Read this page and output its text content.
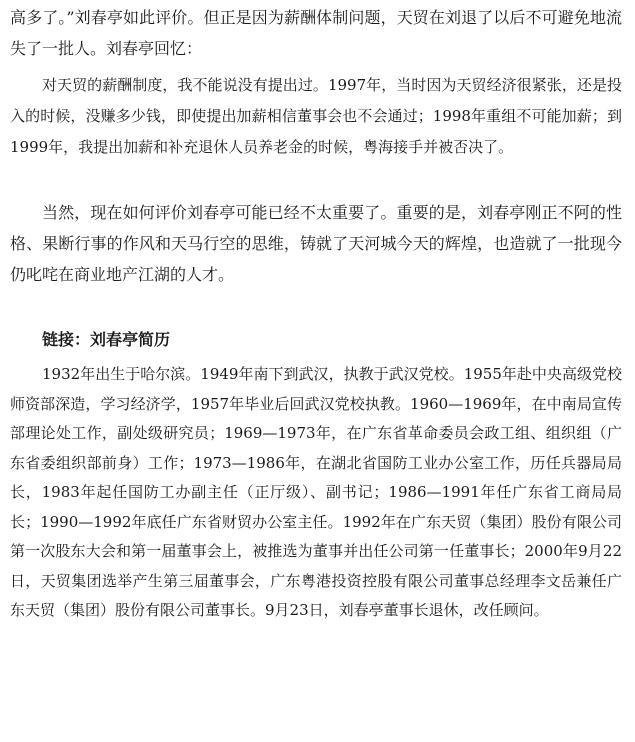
高多了。”刘春亭如此评价。但正是因为薪酬体制问题，天贸在刘退了以后不可避免地流失了一批人。刘春亭回忆：

对天贸的薪酬制度，我不能说没有提出过。1997年，当时因为天贸经济很紧张，还是投入的时候，没赚多少钱，即使提出加薪相信董事会也不会通过；1998年重组不可能加薪；到1999年，我提出加薪和补充退休人员养老金的时候，粤海接手并被否决了。

当然，现在如何评价刘春亭可能已经不太重要了。重要的是，刘春亭刚正不阿的性格、果断行事的作风和天马行空的思维，铸就了天河城今天的辉煌，也造就了一批现今仍叱咤在商业地产江湖的人才。

链接：刘春亭简历

1932年出生于哈尔滨。1949年南下到武汉，执教于武汉党校。1955年赴中央高级党校师资部深造，学习经济学，1957年毕业后回武汉党校执教。1960—1969年，在中南局宣传部理论处工作，副处级研究员；1969—1973年，在广东省革命委员会政工组、组织组（广东省委组织部前身）工作；1973—1986年，在湖北省国防工业办公室工作，历任兵器局局长，1983年起任国防工办副主任（正厅级）、副书记；1986—1991年任广东省工商局局长；1990—1992年底任广东省财贸办公室主任。1992年在广东天贸（集团）股份有限公司第一次股东大会和第一届董事会上，被推选为董事并出任公司第一任董事长；2000年9月22日，天贸集团选举产生第三届董事会，广东粤港投资控股有限公司董事总经理李文岳兼任广东天贸（集团）股份有限公司董事长。9月23日，刘春亭董事长退休，改任顾问。
